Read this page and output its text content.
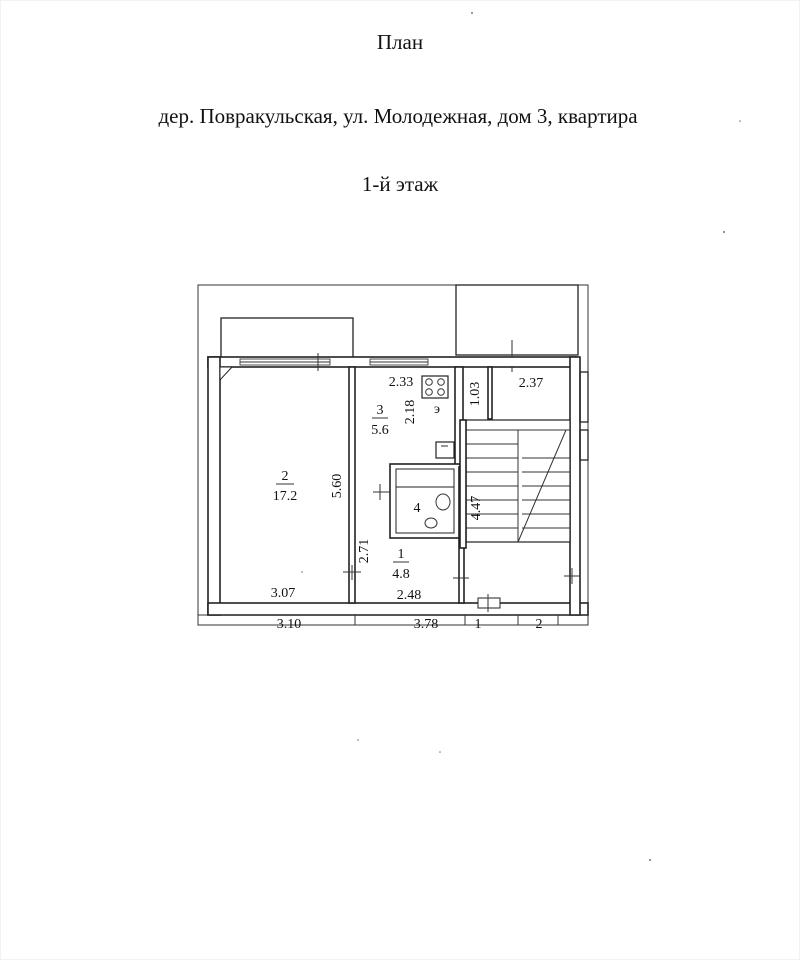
План
дер. Повракульская, ул. Молодежная, дом 3, квартира
1-й этаж
2
17.2
3
5.6
4
1
4.8
5.60
3.07
2.33
2.18
2.71
2.48
1.03	2.37
4.47
3.10	3.78	1	2
э
